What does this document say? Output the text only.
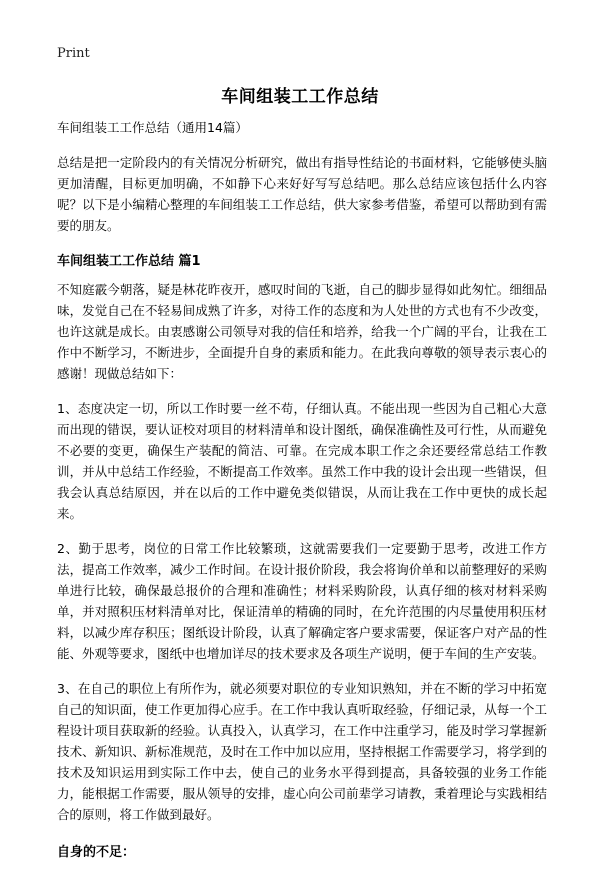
Print
车间组装工工作总结
车间组装工工作总结（通用14篇）

总结是把一定阶段内的有关情况分析研究，做出有指导性结论的书面材料，它能够使头脑更加清醒，目标更加明确，不如静下心来好好写写总结吧。那么总结应该包括什么内容呢？以下是小编精心整理的车间组装工工作总结，供大家参考借鉴，希望可以帮助到有需要的朋友。

车间组装工工作总结 篇1

不知庭霰今朝落，疑是林花昨夜开，感叹时间的飞逝，自己的脚步显得如此匆忙。细细品味，发觉自己在不轻易间成熟了许多，对待工作的态度和为人处世的方式也有不少改变，也许这就是成长。由衷感谢公司领导对我的信任和培养，给我一个广阔的平台，让我在工作中不断学习，不断进步，全面提升自身的素质和能力。在此我向尊敬的领导表示衷心的感谢！现做总结如下：

1、态度决定一切，所以工作时要一丝不苟，仔细认真。不能出现一些因为自己粗心大意而出现的错误，要认证校对项目的材料清单和设计图纸，确保准确性及可行性，从而避免不必要的变更，确保生产装配的简洁、可靠。在完成本职工作之余还要经常总结工作教训，并从中总结工作经验，不断提高工作效率。虽然工作中我的设计会出现一些错误，但我会认真总结原因，并在以后的工作中避免类似错误，从而让我在工作中更快的成长起来。

2、勤于思考，岗位的日常工作比较繁琐，这就需要我们一定要勤于思考，改进工作方法，提高工作效率，减少工作时间。在设计报价阶段，我会将询价单和以前整理好的采购单进行比较，确保最总报价的合理和准确性；材料采购阶段，认真仔细的核对材料采购单，并对照积压材料清单对比，保证清单的精确的同时，在允许范围的内尽量使用积压材料，以减少库存积压；图纸设计阶段，认真了解确定客户要求需要，保证客户对产品的性能、外观等要求，图纸中也增加详尽的技术要求及各项生产说明，便于车间的生产安装。

3、在自己的职位上有所作为，就必须要对职位的专业知识熟知，并在不断的学习中拓宽自己的知识面，使工作更加得心应手。在工作中我认真听取经验，仔细记录，从每一个工程设计项目获取新的经验。认真投入，认真学习，在工作中注重学习，能及时学习掌握新技术、新知识、新标准规范，及时在工作中加以应用，坚持根据工作需要学习，将学到的技术及知识运用到实际工作中去，使自己的业务水平得到提高，具备较强的业务工作能力，能根据工作需要，服从领导的安排，虚心向公司前辈学习请教，秉着理论与实践相结合的原则，将工作做到最好。

自身的不足：
